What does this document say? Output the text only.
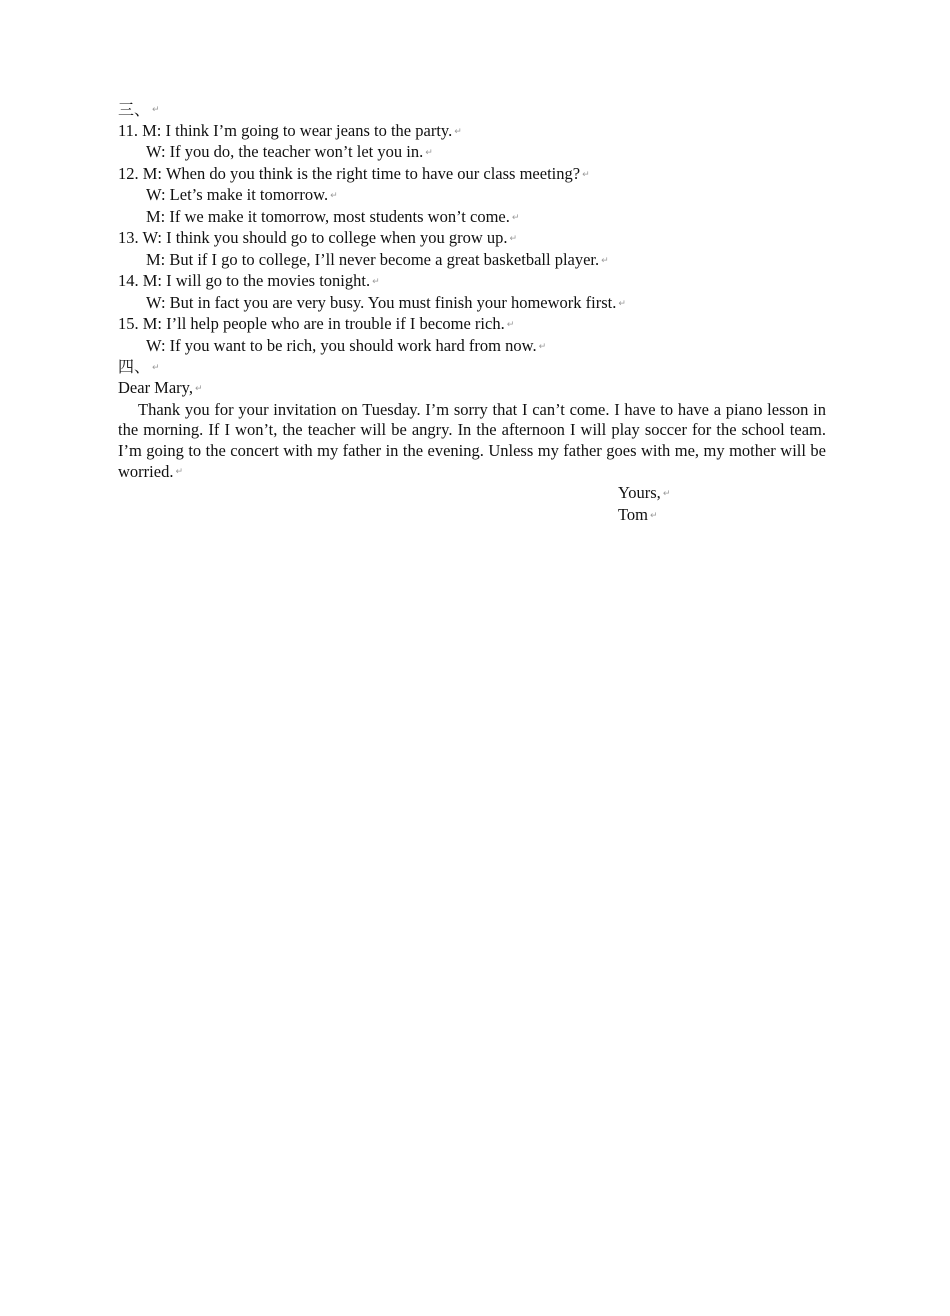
三、 ↵
11. M: I think I’m going to wear jeans to the party. ↵
W: If you do, the teacher won’t let you in. ↵
12. M: When do you think is the right time to have our class meeting? ↵
W: Let’s make it tomorrow. ↵
M: If we make it tomorrow, most students won’t come. ↵
13. W: I think you should go to college when you grow up. ↵
M: But if I go to college, I’ll never become a great basketball player. ↵
14. M: I will go to the movies tonight. ↵
W: But in fact you are very busy. You must finish your homework first. ↵
15. M: I’ll help people who are in trouble if I become rich. ↵
W: If you want to be rich, you should work hard from now. ↵
四、 ↵
Dear Mary, ↵

Thank you for your invitation on Tuesday. I’m sorry that I can’t come. I have to have a piano lesson in the morning. If I won’t, the teacher will be angry. In the afternoon I will play soccer for the school team. I’m going to the concert with my father in the evening. Unless my father goes with me, my mother will be worried. ↵

Yours, ↵
Tom ↵
